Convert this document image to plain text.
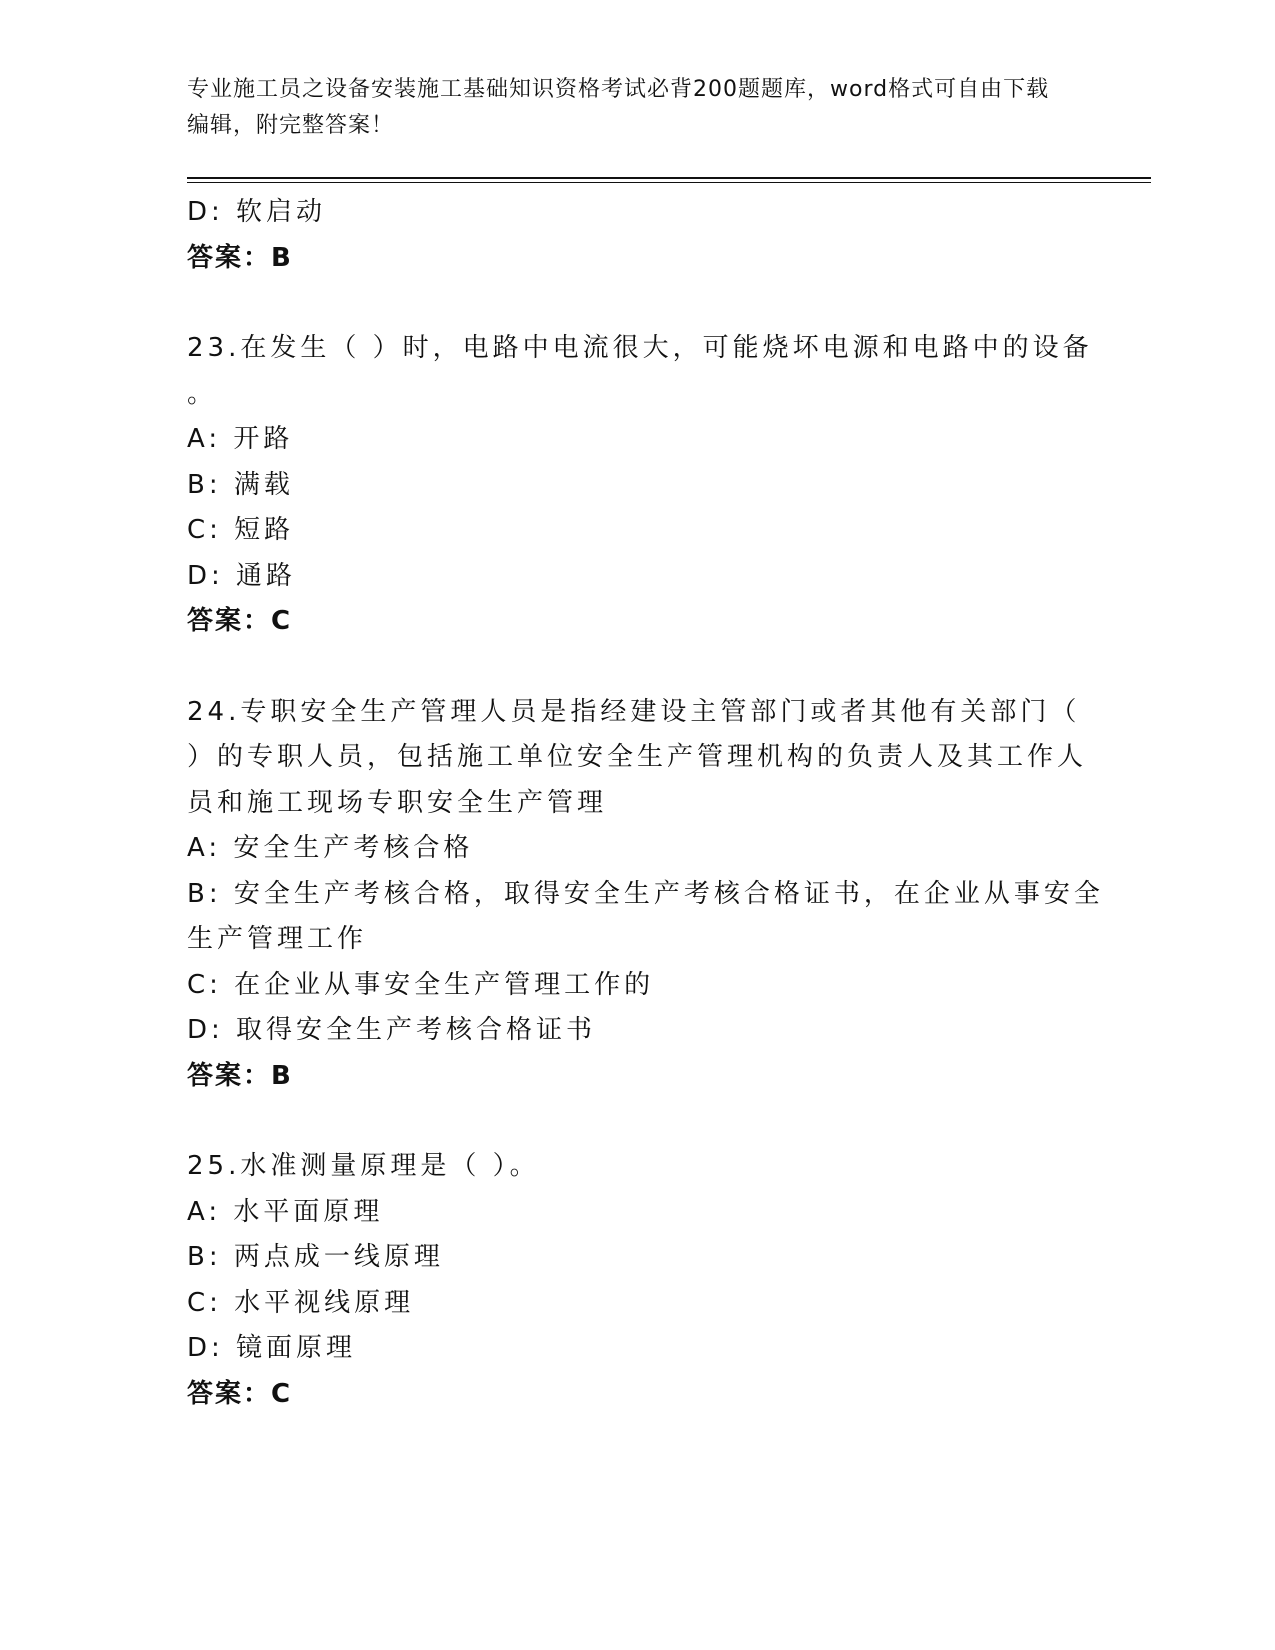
专业施工员之设备安装施工基础知识资格考试必背200题题库，word格式可自由下载编辑，附完整答案！
D: 软启动
答案：B
23.在发生（ ）时，电路中电流很大，可能烧坏电源和电路中的设备
。
A: 开路
B: 满载
C: 短路
D: 通路
答案：C
24.专职安全生产管理人员是指经建设主管部门或者其他有关部门（
）的专职人员，包括施工单位安全生产管理机构的负责人及其工作人
员和施工现场专职安全生产管理
A: 安全生产考核合格
B: 安全生产考核合格，取得安全生产考核合格证书，在企业从事安全
生产管理工作
C: 在企业从事安全生产管理工作的
D: 取得安全生产考核合格证书
答案：B
25.水准测量原理是（ ）。
A: 水平面原理
B: 两点成一线原理
C: 水平视线原理
D: 镜面原理
答案：C
